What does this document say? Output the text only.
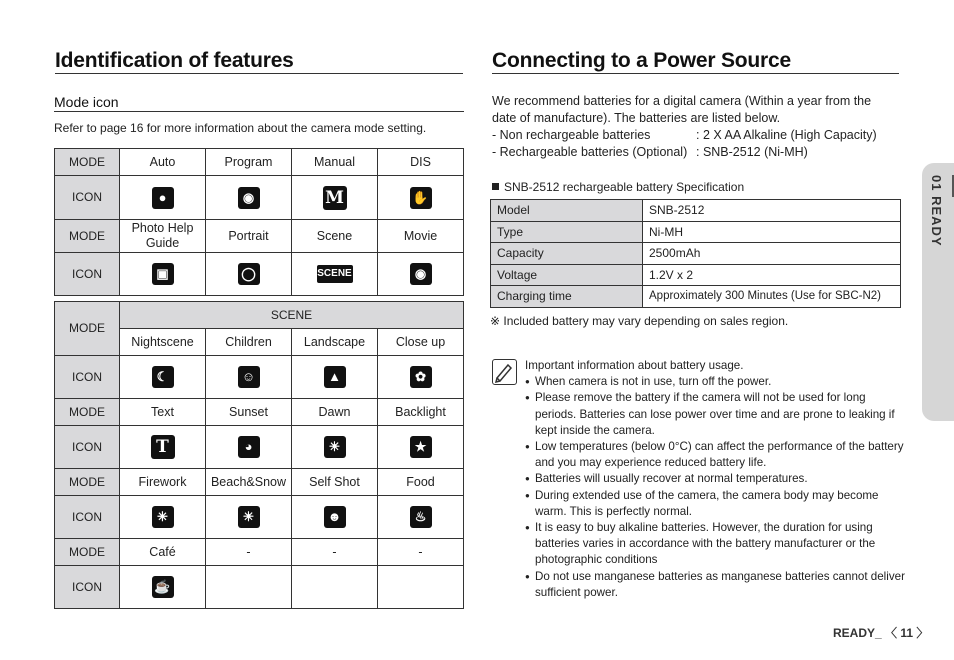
Identification of features
Mode icon
Refer to page 16 for more information about the camera mode setting.
MODE	Auto	Program	Manual	DIS
ICON	●	◉	M	✋
MODE	Photo Help Guide	Portrait	Scene	Movie
ICON	▣	◯	SCENE	◉
MODE	SCENE			
	Nightscene	Children	Landscape	Close up
ICON	☾	☺	▲	✿
MODE	Text	Sunset	Dawn	Backlight
ICON	T	◕	☀	★
MODE	Firework	Beach&Snow	Self Shot	Food
ICON	✳	☀	☻	♨
MODE	Café	-	-	-
ICON	☕			
Connecting to a Power Source
We recommend batteries for a digital camera (Within a year from the date of manufacture). The batteries are listed below.
- Non rechargeable batteries	: 2 X AA Alkaline (High Capacity)
- Rechargeable batteries (Optional) : SNB-2512 (Ni-MH)
SNB-2512 rechargeable battery Specification
Model	SNB-2512
Type	Ni-MH
Capacity	2500mAh
Voltage	1.2V x 2
Charging time	Approximately 300 Minutes (Use for SBC-N2)
※ Included battery may vary depending on sales region.
Important information about battery usage.
● When camera is not in use, turn off the power.
● Please remove the battery if the camera will not be used for long periods. Batteries can lose power over time and are prone to leaking if kept inside the camera.
● Low temperatures (below 0°C) can affect the performance of the battery and you may experience reduced battery life.
● Batteries will usually recover at normal temperatures.
● During extended use of the camera, the camera body may become warm. This is perfectly normal.
● It is easy to buy alkaline batteries. However, the duration for using batteries varies in accordance with the battery manufacturer or the photographic conditions
● Do not use manganese batteries as manganese batteries cannot deliver sufficient power.
01 READY
READY_ 〈 11 〉
